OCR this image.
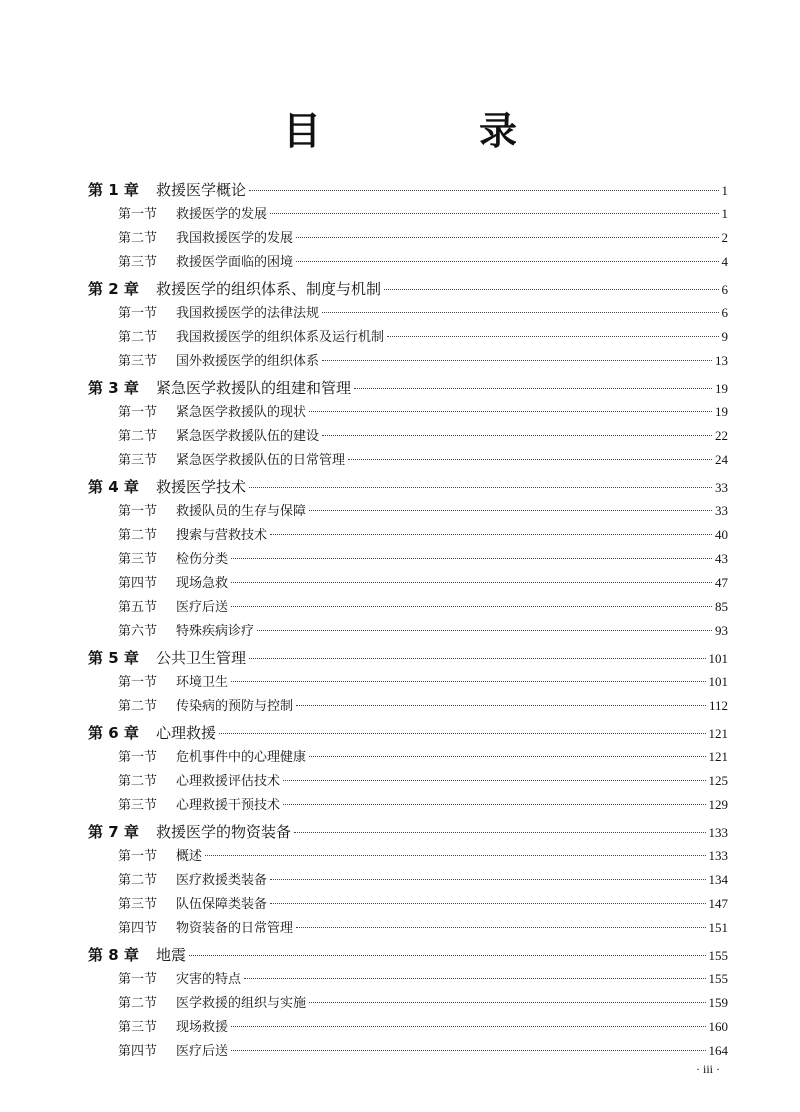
目　录
第 1 章	救援医学概论	1
第一节	救援医学的发展	1
第二节	我国救援医学的发展	2
第三节	救援医学面临的困境	4
第 2 章	救援医学的组织体系、制度与机制	6
第一节	我国救援医学的法律法规	6
第二节	我国救援医学的组织体系及运行机制	9
第三节	国外救援医学的组织体系	13
第 3 章	紧急医学救援队的组建和管理	19
第一节	紧急医学救援队的现状	19
第二节	紧急医学救援队伍的建设	22
第三节	紧急医学救援队伍的日常管理	24
第 4 章	救援医学技术	33
第一节	救援队员的生存与保障	33
第二节	搜索与营救技术	40
第三节	检伤分类	43
第四节	现场急救	47
第五节	医疗后送	85
第六节	特殊疾病诊疗	93
第 5 章	公共卫生管理	101
第一节	环境卫生	101
第二节	传染病的预防与控制	112
第 6 章	心理救援	121
第一节	危机事件中的心理健康	121
第二节	心理救援评估技术	125
第三节	心理救援干预技术	129
第 7 章	救援医学的物资装备	133
第一节	概述	133
第二节	医疗救援类装备	134
第三节	队伍保障类装备	147
第四节	物资装备的日常管理	151
第 8 章	地震	155
第一节	灾害的特点	155
第二节	医学救援的组织与实施	159
第三节	现场救援	160
第四节	医疗后送	164
· iii ·
